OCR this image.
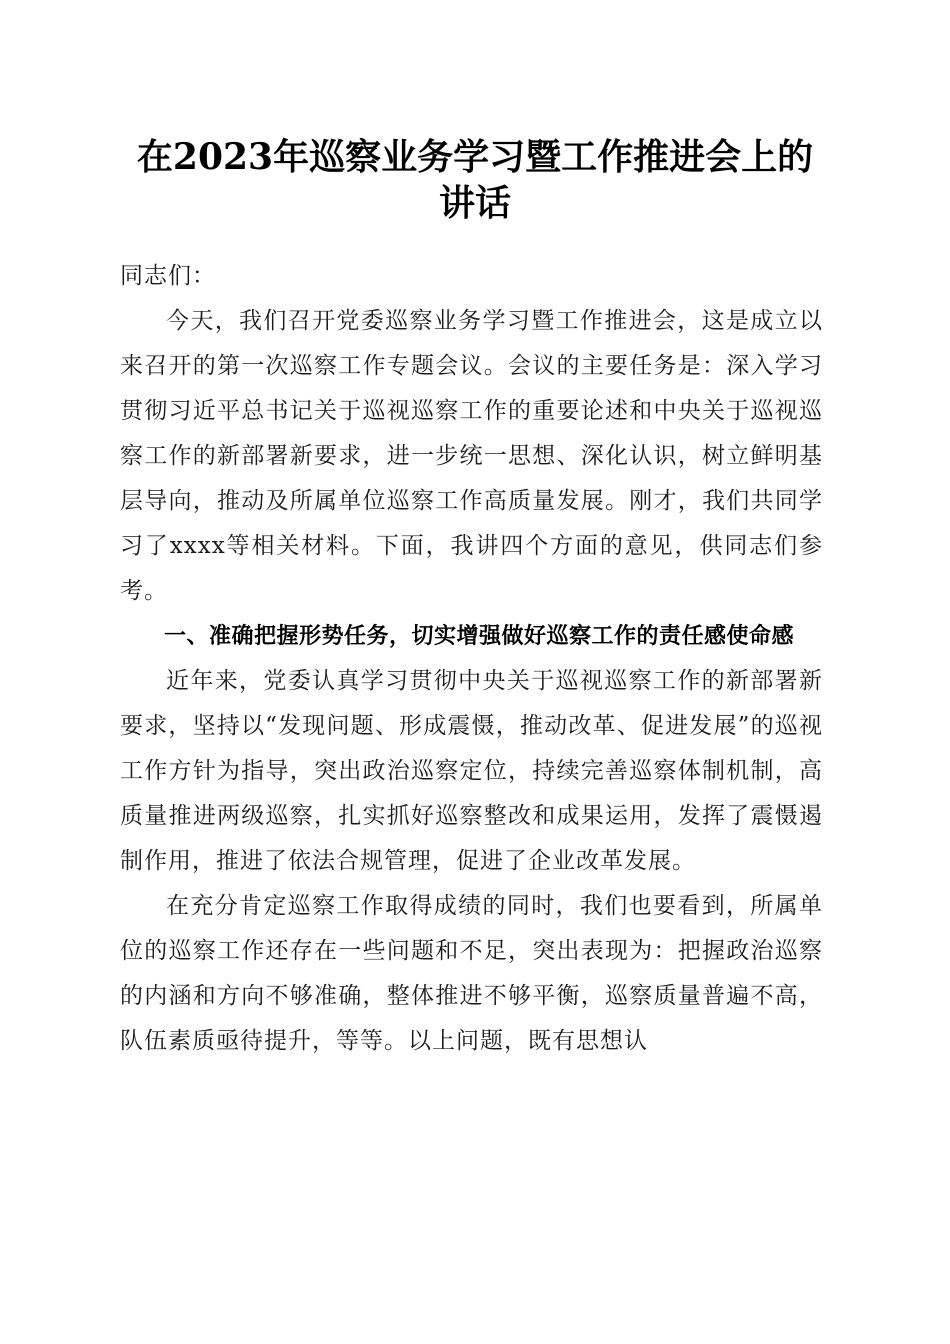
在2023年巡察业务学习暨工作推进会上的讲话

同志们：

今天，我们召开党委巡察业务学习暨工作推进会，这是成立以来召开的第一次巡察工作专题会议。会议的主要任务是：深入学习贯彻习近平总书记关于巡视巡察工作的重要论述和中央关于巡视巡察工作的新部署新要求，进一步统一思想、深化认识，树立鲜明基层导向，推动及所属单位巡察工作高质量发展。刚才，我们共同学习了xxxx等相关材料。下面，我讲四个方面的意见，供同志们参考。

一、准确把握形势任务，切实增强做好巡察工作的责任感使命感

近年来，党委认真学习贯彻中央关于巡视巡察工作的新部署新要求，坚持以“发现问题、形成震慑，推动改革、促进发展”的巡视工作方针为指导，突出政治巡察定位，持续完善巡察体制机制，高质量推进两级巡察，扎实抓好巡察整改和成果运用，发挥了震慑遏制作用，推进了依法合规管理，促进了企业改革发展。

在充分肯定巡察工作取得成绩的同时，我们也要看到，所属单位的巡察工作还存在一些问题和不足，突出表现为：把握政治巡察的内涵和方向不够准确，整体推进不够平衡，巡察质量普遍不高，队伍素质亟待提升，等等。以上问题，既有思想认
